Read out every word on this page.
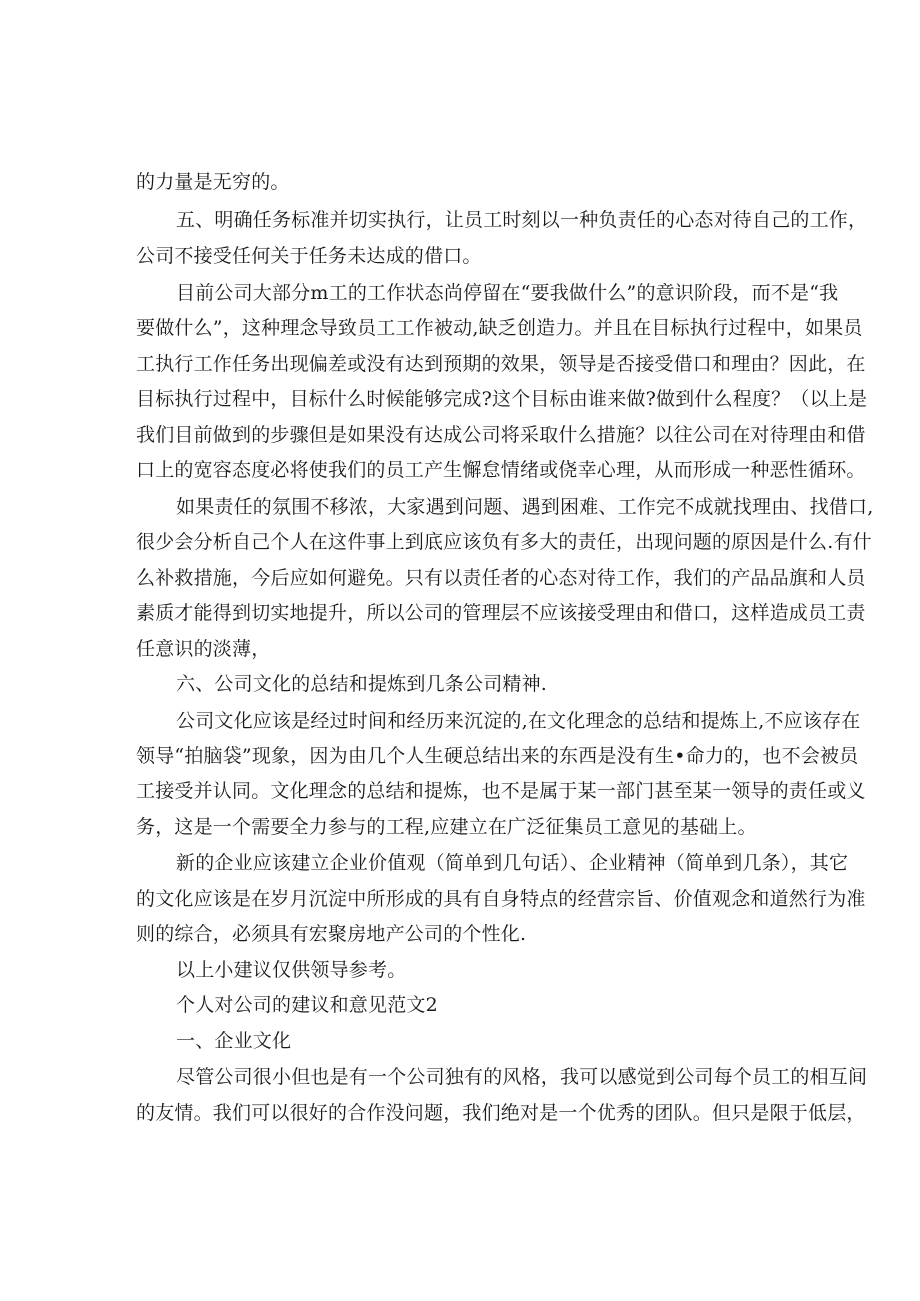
的力量是无穷的。
五、明确任务标准并切实执行，让员工时刻以一种负责任的心态对待自己的工作，
公司不接受任何关于任务未达成的借口。
目前公司大部分m工的工作状态尚停留在“要我做什么”的意识阶段，而不是“我
要做什么”，这种理念导致员工工作被动,缺乏创造力。并且在目标执行过程中，如果员
工执行工作任务出现偏差或没有达到预期的效果，领导是否接受借口和理由？因此，在
目标执行过程中，目标什么时候能够完成?这个目标由谁来做?做到什么程度？（以上是
我们目前做到的步骤但是如果没有达成公司将采取什么措施？以往公司在对待理由和借
口上的宽容态度必将使我们的员工产生懈怠情绪或侥幸心理，从而形成一种恶性循环。
如果责任的氛围不移浓，大家遇到问题、遇到困难、工作完不成就找理由、找借口,
很少会分析自己个人在这件事上到底应该负有多大的责任，出现问题的原因是什么.有什
么补救措施，今后应如何避免。只有以责任者的心态对待工作，我们的产品品旗和人员
素质才能得到切实地提升，所以公司的管理层不应该接受理由和借口，这样造成员工责
任意识的淡薄，
六、公司文化的总结和提炼到几条公司精神.
公司文化应该是经过时间和经历来沉淀的,在文化理念的总结和提炼上,不应该存在
领导“拍脑袋”现象，因为由几个人生硬总结出来的东西是没有生•命力的，也不会被员
工接受并认同。文化理念的总结和提炼，也不是属于某一部门甚至某一领导的责任或义
务，这是一个需要全力参与的工程,应建立在广泛征集员工意见的基础上。
新的企业应该建立企业价值观（简单到几句话）、企业精神（简单到几条），其它
的文化应该是在岁月沉淀中所形成的具有自身特点的经营宗旨、价值观念和道然行为准
则的综合，必须具有宏聚房地产公司的个性化.
以上小建议仅供领导参考。
个人对公司的建议和意见范文2
一、企业文化
尽管公司很小但也是有一个公司独有的风格，我可以感觉到公司每个员工的相互间
的友情。我们可以很好的合作没问题，我们绝对是一个优秀的团队。但只是限于低层，
